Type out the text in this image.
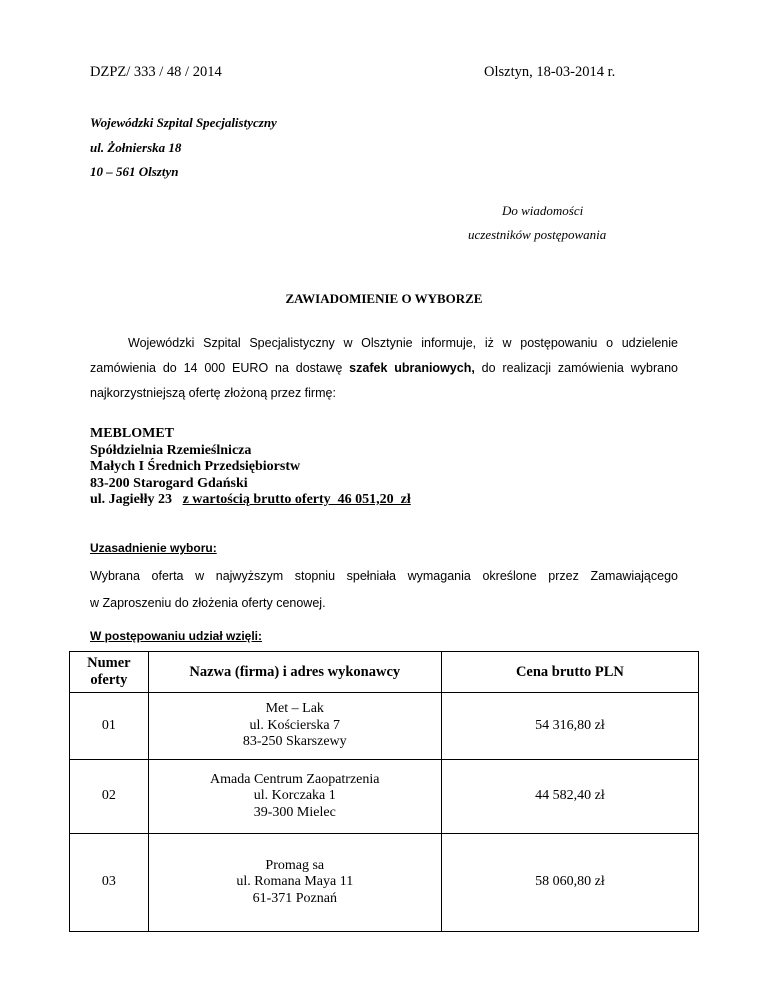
DZPZ/ 333 / 48 / 2014	Olsztyn, 18-03-2014 r.
Wojewódzki Szpital Specjalistyczny
ul. Żołnierska 18
10 – 561 Olsztyn
Do wiadomości
uczestników postępowania
ZAWIADOMIENIE O WYBORZE
Wojewódzki Szpital Specjalistyczny w Olsztynie informuje, iż w postępowaniu o udzielenie
zamówienia do 14 000 EURO na dostawę szafek ubraniowych, do realizacji zamówienia wybrano
najkorzystniejszą ofertę złożoną przez firmę:
MEBLOMET
Spółdzielnia Rzemieślnicza
Małych I Średnich Przedsiębiorstw
83-200 Starogard Gdański
ul. Jagiełły 23   z wartością brutto oferty  46 051,20  zł
Uzasadnienie wyboru:
Wybrana oferta w najwyższym stopniu spełniała wymagania określone przez Zamawiającego
w Zaproszeniu do złożenia oferty cenowej.
W postępowaniu udział wzięli:
Numer
oferty	Nazwa (firma) i adres wykonawcy	Cena brutto PLN
01	Met – Lak
ul. Kościerska 7
83-250 Skarszewy	54 316,80 zł
02	Amada Centrum Zaopatrzenia
ul. Korczaka 1
39-300 Mielec	44 582,40 zł
03	Promag sa
ul. Romana Maya 11
61-371 Poznań	58 060,80 zł
